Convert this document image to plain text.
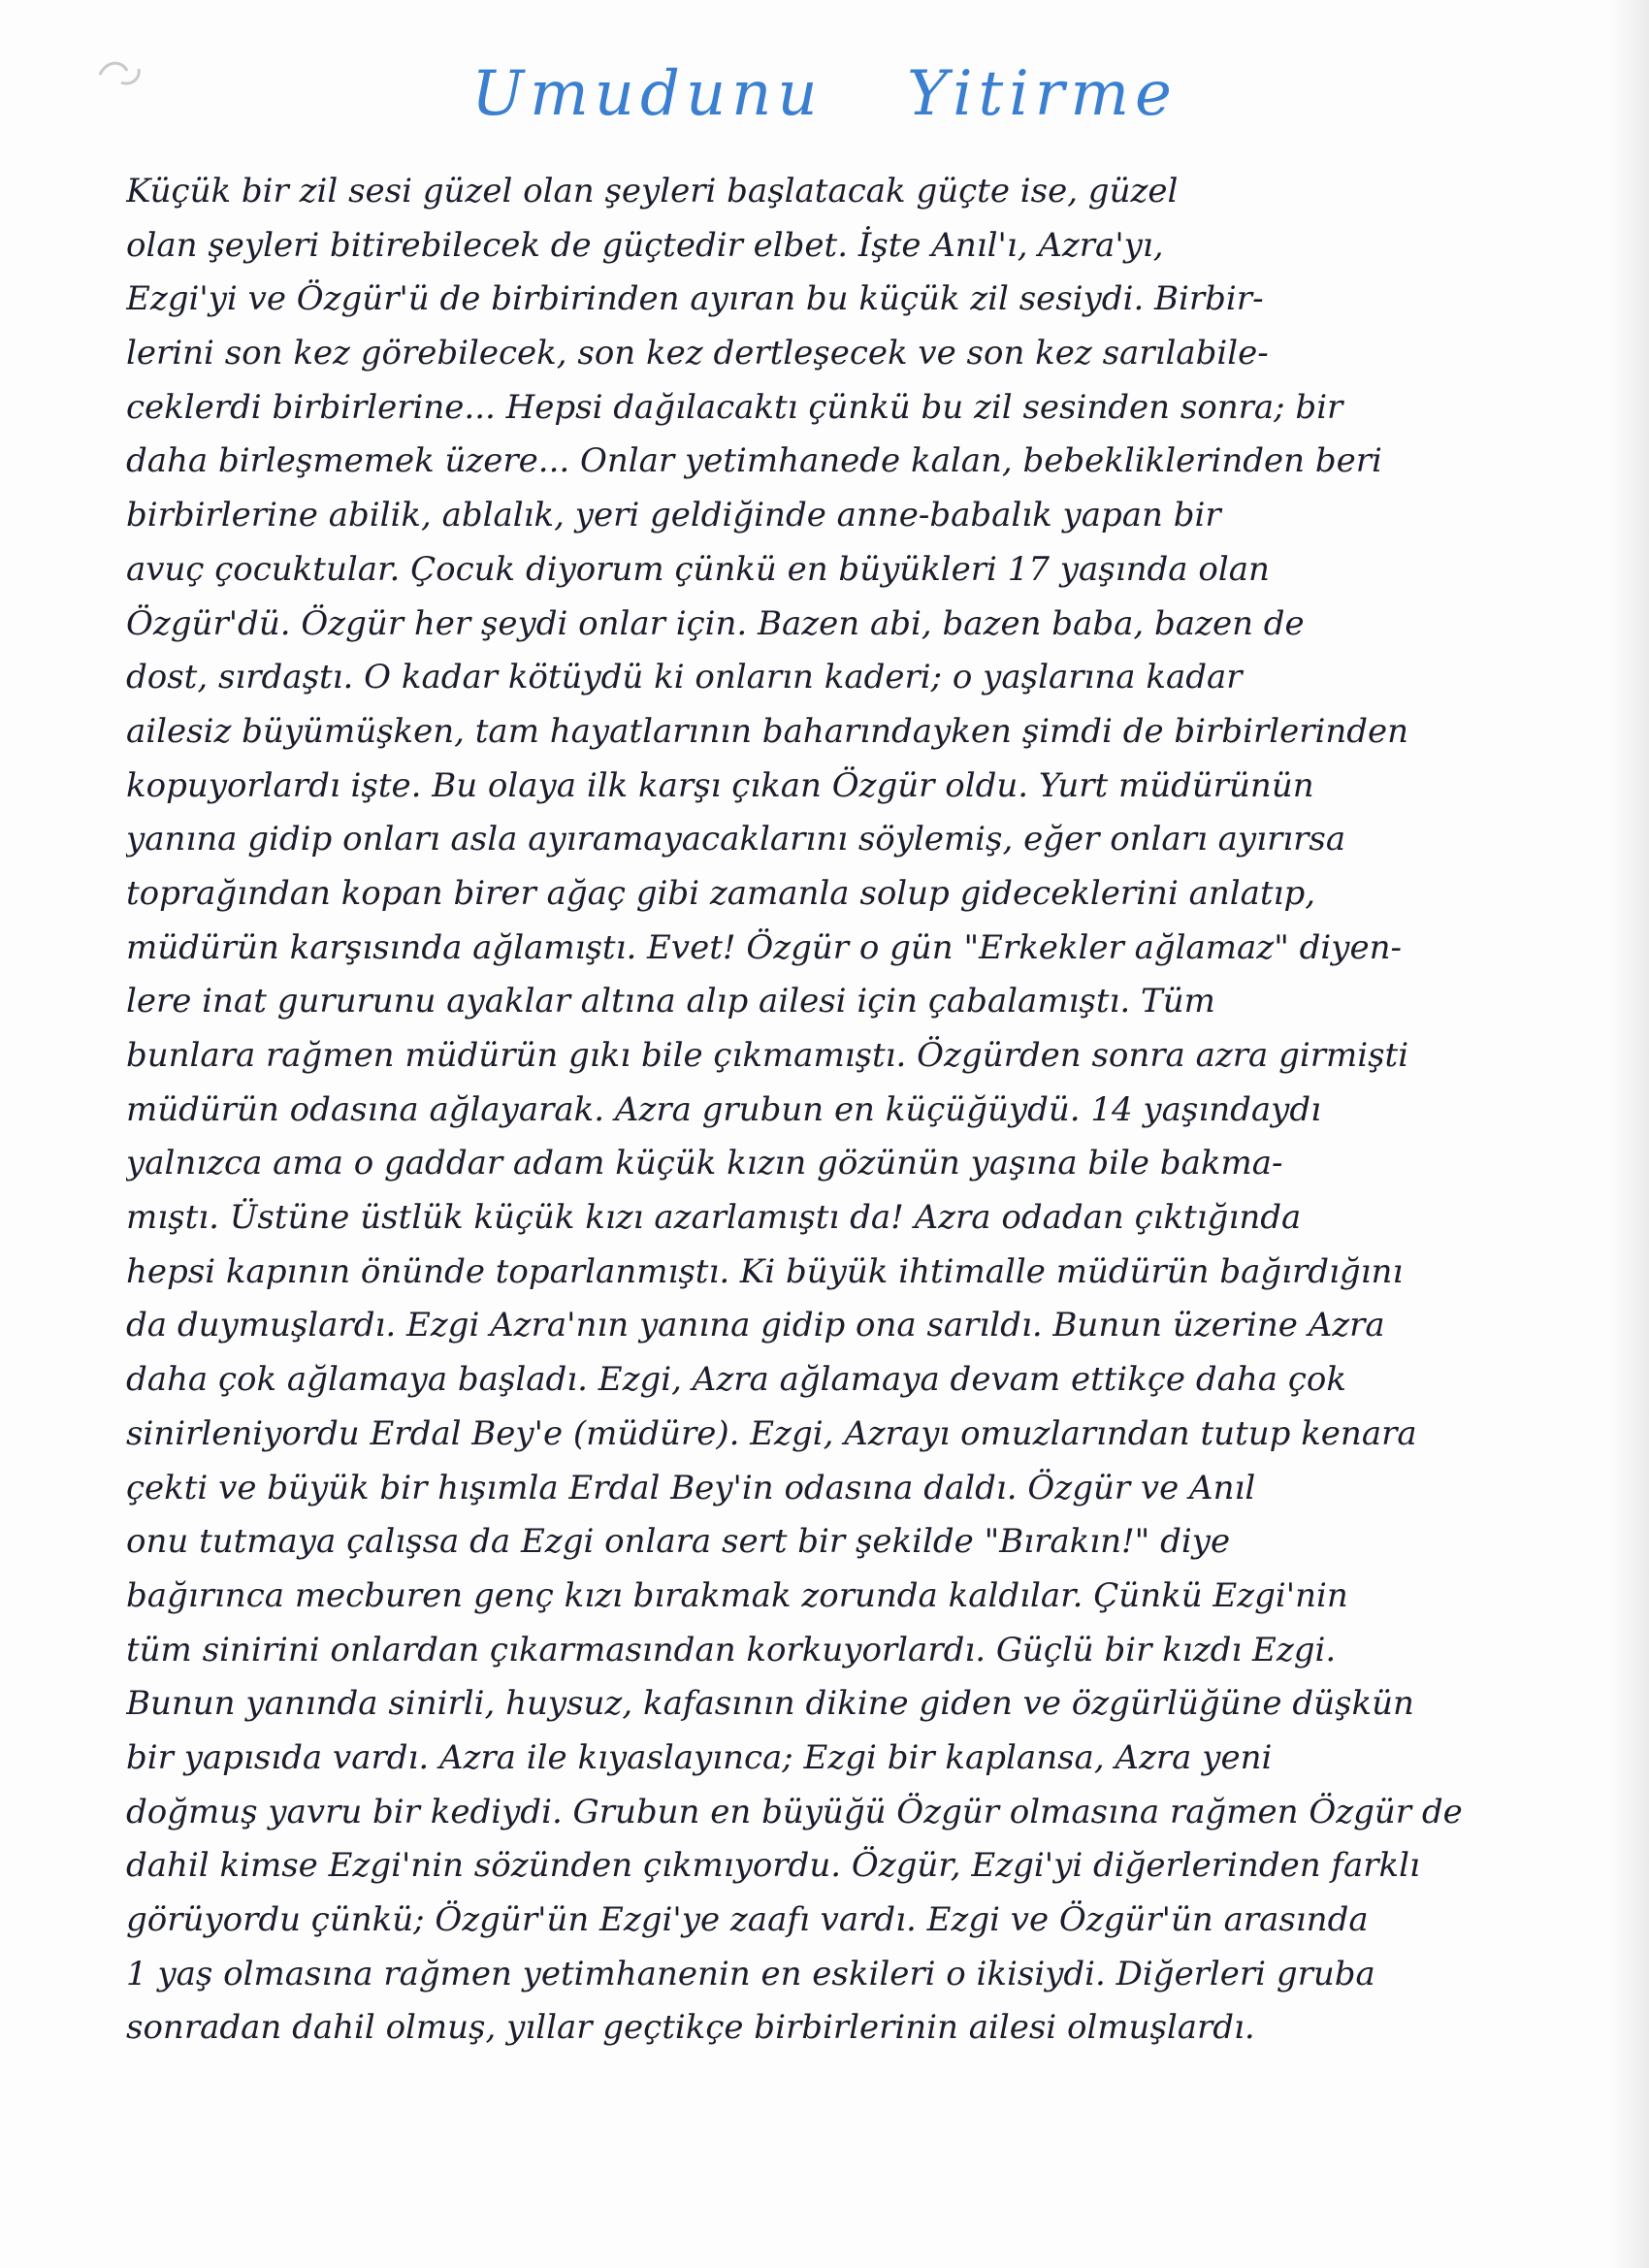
Umudunu Yitirme
Küçük bir zil sesi güzel olan şeyleri başlatacak güçte ise, güzel
olan şeyleri bitirebilecek de güçtedir elbet. İşte Anıl'ı, Azra'yı,
Ezgi'yi ve Özgür'ü de birbirinden ayıran bu küçük zil sesiydi. Birbir-
lerini son kez görebilecek, son kez dertleşecek ve son kez sarılabile-
ceklerdi birbirlerine... Hepsi dağılacaktı çünkü bu zil sesinden sonra; bir
daha birleşmemek üzere... Onlar yetimhanede kalan, bebekliklerinden beri
birbirlerine abilik, ablalık, yeri geldiğinde anne-babalık yapan bir
avuç çocuktular. Çocuk diyorum çünkü en büyükleri 17 yaşında olan
Özgür'dü. Özgür her şeydi onlar için. Bazen abi, bazen baba, bazen de
dost, sırdaştı. O kadar kötüydü ki onların kaderi; o yaşlarına kadar
ailesiz büyümüşken, tam hayatlarının baharındayken şimdi de birbirlerinden
kopuyorlardı işte. Bu olaya ilk karşı çıkan Özgür oldu. Yurt müdürünün
yanına gidip onları asla ayıramayacaklarını söylemiş, eğer onları ayırırsa
toprağından kopan birer ağaç gibi zamanla solup gideceklerini anlatıp,
müdürün karşısında ağlamıştı. Evet! Özgür o gün "Erkekler ağlamaz" diyen-
lere inat gururunu ayaklar altına alıp ailesi için çabalamıştı. Tüm
bunlara rağmen müdürün gıkı bile çıkmamıştı. Özgürden sonra azra girmişti
müdürün odasına ağlayarak. Azra grubun en küçüğüydü. 14 yaşındaydı
yalnızca ama o gaddar adam küçük kızın gözünün yaşına bile bakma-
mıştı. Üstüne üstlük küçük kızı azarlamıştı da! Azra odadan çıktığında
hepsi kapının önünde toparlanmıştı. Ki büyük ihtimalle müdürün bağırdığını
da duymuşlardı. Ezgi Azra'nın yanına gidip ona sarıldı. Bunun üzerine Azra
daha çok ağlamaya başladı. Ezgi, Azra ağlamaya devam ettikçe daha çok
sinirleniyordu Erdal Bey'e (müdüre). Ezgi, Azrayı omuzlarından tutup kenara
çekti ve büyük bir hışımla Erdal Bey'in odasına daldı. Özgür ve Anıl
onu tutmaya çalışsa da Ezgi onlara sert bir şekilde "Bırakın!" diye
bağırınca mecburen genç kızı bırakmak zorunda kaldılar. Çünkü Ezgi'nin
tüm sinirini onlardan çıkarmasından korkuyorlardı. Güçlü bir kızdı Ezgi.
Bunun yanında sinirli, huysuz, kafasının dikine giden ve özgürlüğüne düşkün
bir yapısıda vardı. Azra ile kıyaslayınca; Ezgi bir kaplansa, Azra yeni
doğmuş yavru bir kediydi. Grubun en büyüğü Özgür olmasına rağmen Özgür de
dahil kimse Ezgi'nin sözünden çıkmıyordu. Özgür, Ezgi'yi diğerlerinden farklı
görüyordu çünkü; Özgür'ün Ezgi'ye zaafı vardı. Ezgi ve Özgür'ün arasında
1 yaş olmasına rağmen yetimhanenin en eskileri o ikisiydi. Diğerleri gruba
sonradan dahil olmuş, yıllar geçtikçe birbirlerinin ailesi olmuşlardı.
